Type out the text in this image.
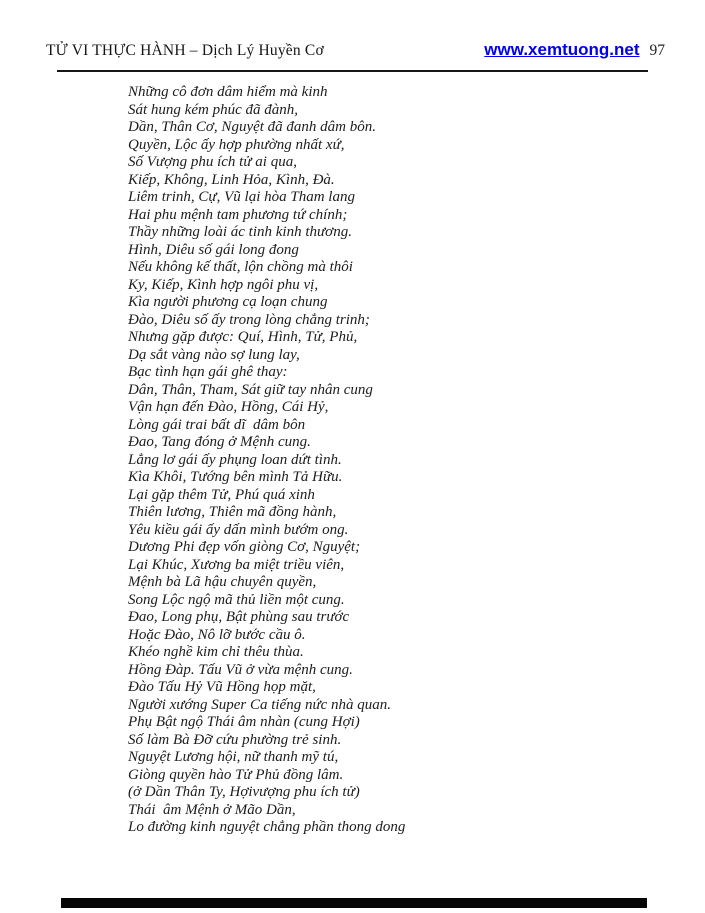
TỬ VI THỰC HÀNH – Dịch Lý Huyền Cơ	www.xemtuong.net 97
Những cô đơn dâm hiểm mà kinh
Sát hung kém phúc đã đành,
Dần, Thân Cơ, Nguyệt đã đanh dâm bôn.
Quyền, Lộc ấy hợp phường nhất xứ,
Số Vượng phu ích tử ai qua,
Kiếp, Không, Linh Hỏa, Kình, Đà.
Liêm trinh, Cự, Vũ lại hòa Tham lang
Hai phu mệnh tam phương tứ chính;
Thầy những loài ác tinh kinh thương.
Hình, Diêu số gái long đong
Nếu không kế thất, lộn chồng mà thôi
Ky, Kiếp, Kình hợp ngôi phu vị,
Kìa người phương cạ loạn chung
Đào, Diêu số ấy trong lòng chẳng trinh;
Nhưng gặp được: Quí, Hình, Tử, Phủ,
Dạ sắt vàng nào sợ lung lay,
Bạc tình hạn gái ghê thay:
Dân, Thân, Tham, Sát giữ tay nhân cung
Vận hạn đến Đào, Hồng, Cái Hỷ,
Lòng gái trai bất dĩ  dâm bôn
Đao, Tang đóng ở Mệnh cung.
Lẳng lơ gái ấy phụng loan dứt tình.
Kìa Khôi, Tướng bên mình Tả Hữu.
Lại gặp thêm Tử, Phú quá xinh
Thiên lương, Thiên mã đồng hành,
Yêu kiều gái ấy dấn mình bướm ong.
Dương Phi đẹp vốn giòng Cơ, Nguyệt;
Lại Khúc, Xương ba miệt triều viên,
Mệnh bà Lã hậu chuyên quyền,
Song Lộc ngộ mã thủ liền một cung.
Đao, Long phụ, Bật phùng sau trước
Hoặc Đào, Nô lỡ bước cầu ô.
Khéo nghề kim chỉ thêu thùa.
Hồng Đàp. Tấu Vũ ở vừa mệnh cung.
Đào Tấu Hỷ Vũ Hồng họp mặt,
Người xướng Super Ca tiếng nức nhà quan.
Phụ Bật ngộ Thái âm nhàn (cung Hợi)
Số làm Bà Đỡ cứu phường trẻ sinh.
Nguyệt Lương hội, nữ thanh mỹ tú,
Giòng quyền hào Tử Phủ đồng lâm.
(ở Dần Thân Ty, Hợivượng phu ích tử)
Thái  âm Mệnh ở Mão Dần,
Lo đường kinh nguyệt chẳng phần thong dong
